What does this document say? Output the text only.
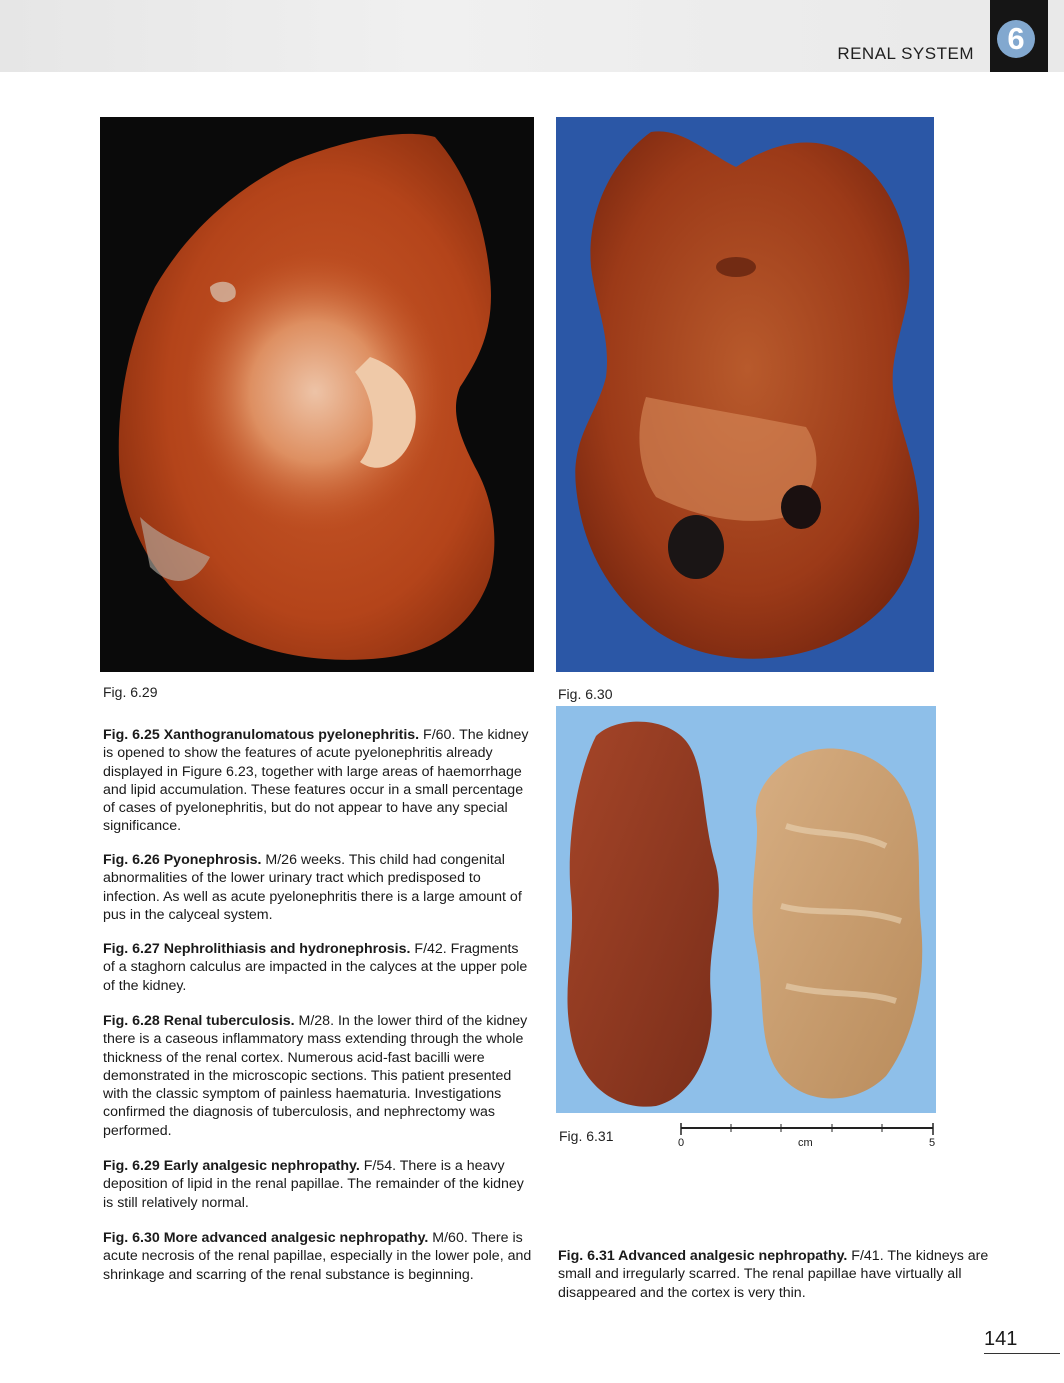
RENAL SYSTEM	6
Fig. 6.29	Fig. 6.30
Fig. 6.31	0	cm	5
Fig. 6.25 Xanthogranulomatous pyelonephritis. F/60. The kidney is opened to show the features of acute pyelonephritis already displayed in Figure 6.23, together with large areas of haemorrhage and lipid accumulation. These features occur in a small percentage of cases of pyelonephritis, but do not appear to have any special significance.
Fig. 6.26 Pyonephrosis. M/26 weeks. This child had congenital abnormalities of the lower urinary tract which predisposed to infection. As well as acute pyelonephritis there is a large amount of pus in the calyceal system.
Fig. 6.27 Nephrolithiasis and hydronephrosis. F/42. Fragments of a staghorn calculus are impacted in the calyces at the upper pole of the kidney.
Fig. 6.28 Renal tuberculosis. M/28. In the lower third of the kidney there is a caseous inflammatory mass extending through the whole thickness of the renal cortex. Numerous acid-fast bacilli were demonstrated in the microscopic sections. This patient presented with the classic symptom of painless haematuria. Investigations confirmed the diagnosis of tuberculosis, and nephrectomy was performed.
Fig. 6.29 Early analgesic nephropathy. F/54. There is a heavy deposition of lipid in the renal papillae. The remainder of the kidney is still relatively normal.
Fig. 6.30 More advanced analgesic nephropathy. M/60. There is acute necrosis of the renal papillae, especially in the lower pole, and shrinkage and scarring of the renal substance is beginning.
Fig. 6.31 Advanced analgesic nephropathy. F/41. The kidneys are small and irregularly scarred. The renal papillae have virtually all disappeared and the cortex is very thin.
141
